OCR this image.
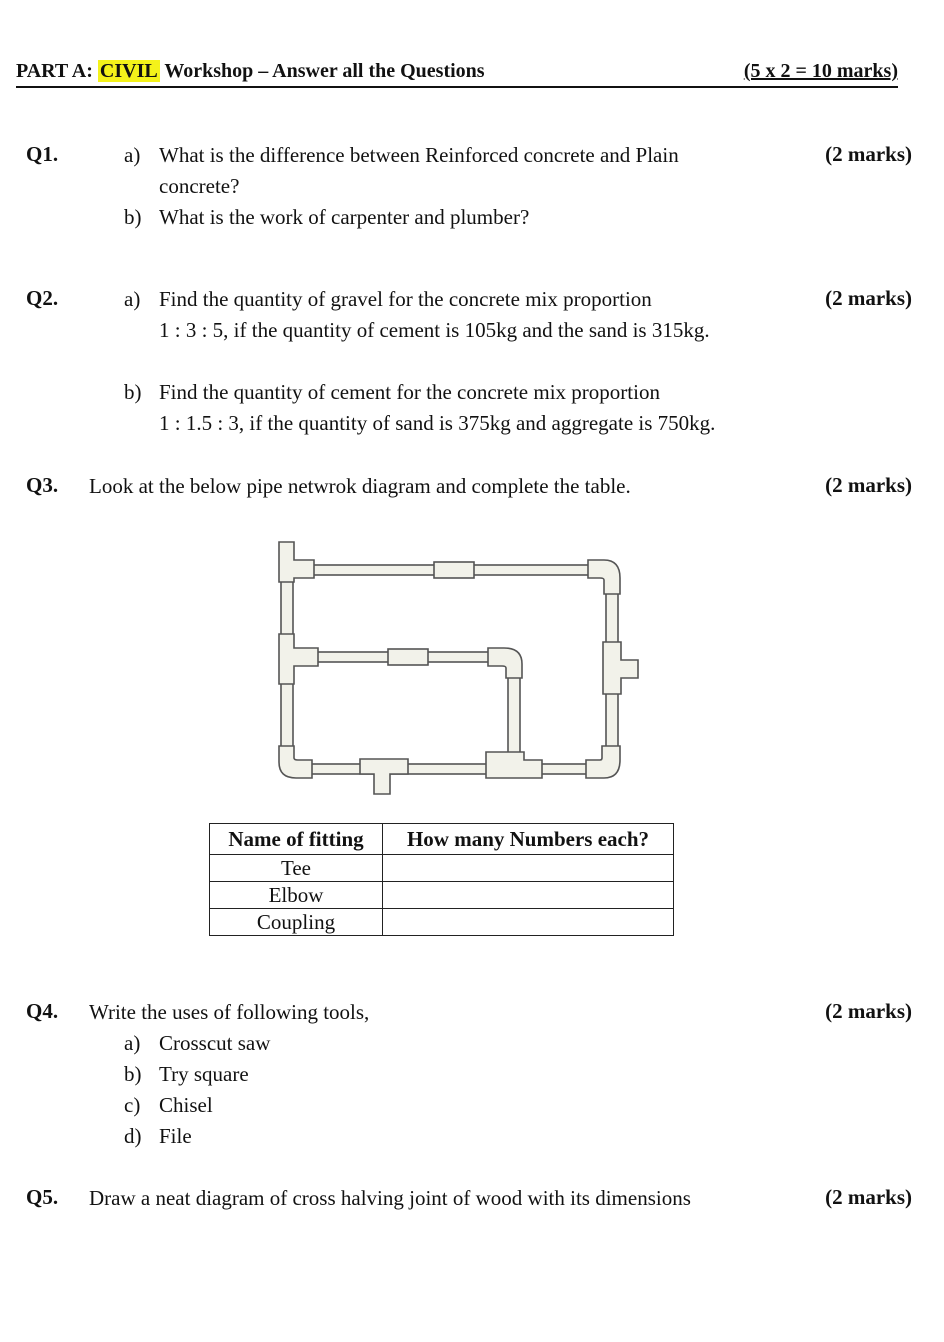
PART A: CIVIL Workshop – Answer all the Questions	(5 x 2 = 10 marks)
Q1.	(2 marks)
a) What is the difference between Reinforced concrete and Plain
concrete?
b) What is the work of carpenter and plumber?
Q2.	(2 marks)
a) Find the quantity of gravel for the concrete mix proportion
1 : 3 : 5, if the quantity of cement is 105kg and the sand is 315kg.
b) Find the quantity of cement for the concrete mix proportion
1 : 1.5 : 3, if the quantity of sand is 375kg and aggregate is 750kg.
Q3. Look at the below pipe netwrok diagram and complete the table.	(2 marks)
Name of fitting	How many Numbers each?
Tee	
Elbow	
Coupling	
Q4. Write the uses of following tools,	(2 marks)
a) Crosscut saw
b) Try square
c) Chisel
d) File
Q5. Draw a neat diagram of cross halving joint of wood with its dimensions	(2 marks)
